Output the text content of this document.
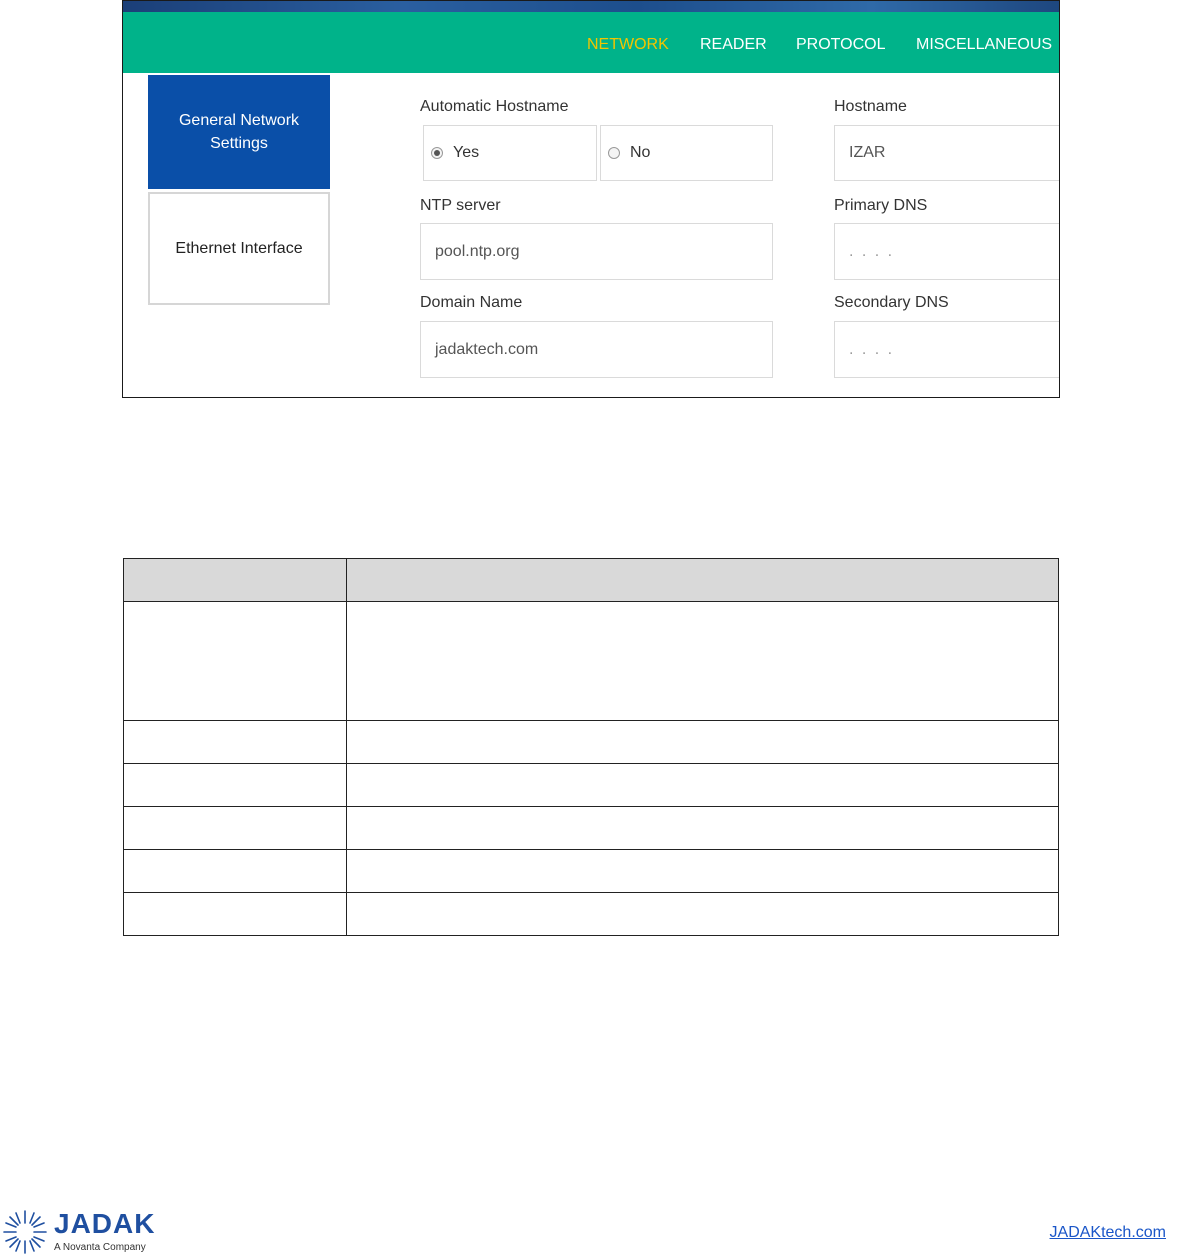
NETWORK READER PROTOCOL MISCELLANEOUS
General Network Settings
Ethernet Interface
Automatic Hostname
Yes	No
Hostname
IZAR
NTP server
pool.ntp.org
Primary DNS
. . . .
Domain Name
jadaktech.com
Secondary DNS
. . . .

JADAK
A Novanta Company
JADAKtech.com
